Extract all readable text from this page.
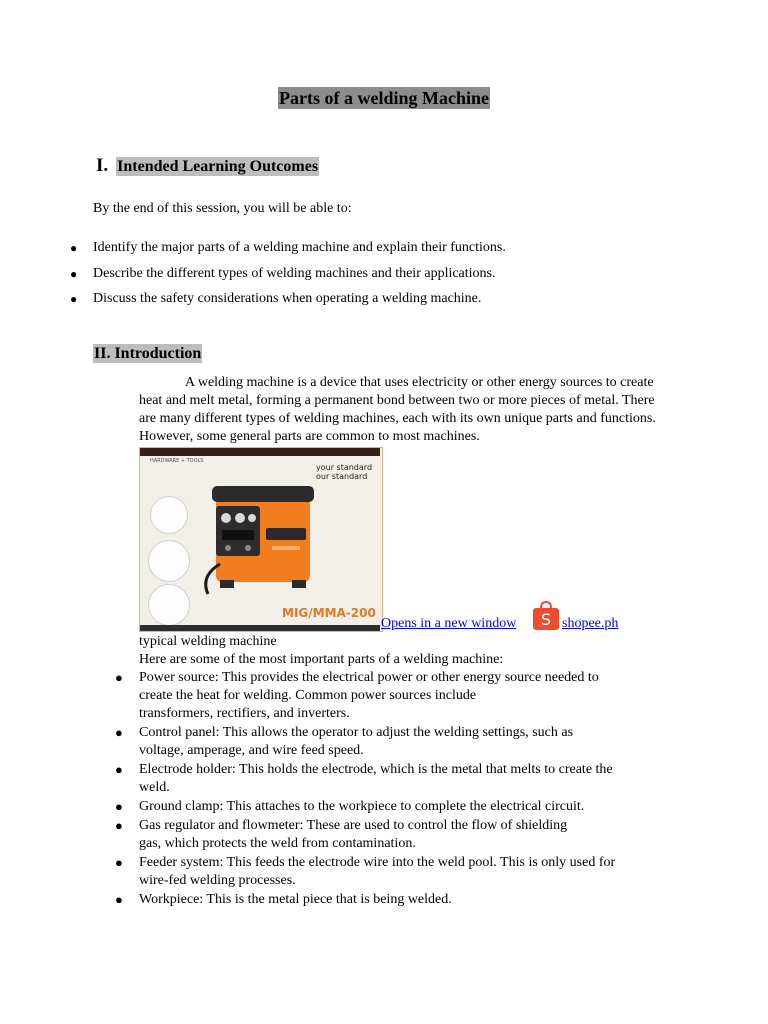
Parts of a welding Machine
I. Intended Learning Outcomes
By the end of this session, you will be able to:
● Identify the major parts of a welding machine and explain their functions.
● Describe the different types of welding machines and their applications.
● Discuss the safety considerations when operating a welding machine.
II. Introduction

A welding machine is a device that uses electricity or other energy sources to create heat and melt metal, forming a permanent bond between two or more pieces of metal. There are many different types of welding machines, each with its own unique parts and functions. However, some general parts are common to most machines.

HARDWARE + TOOLS
your standard
our standard
MIG/MMA-200
Opens in a new window S shopee.ph
typical welding machine
Here are some of the most important parts of a welding machine:
● Power source: This provides the electrical power or other energy source needed to
create the heat for welding. Common power sources include
transformers, rectifiers, and inverters.
● Control panel: This allows the operator to adjust the welding settings, such as
voltage, amperage, and wire feed speed.
● Electrode holder: This holds the electrode, which is the metal that melts to create the
weld.
● Ground clamp: This attaches to the workpiece to complete the electrical circuit.
● Gas regulator and flowmeter: These are used to control the flow of shielding
gas, which protects the weld from contamination.
● Feeder system: This feeds the electrode wire into the weld pool. This is only used for
wire-fed welding processes.
● Workpiece: This is the metal piece that is being welded.
